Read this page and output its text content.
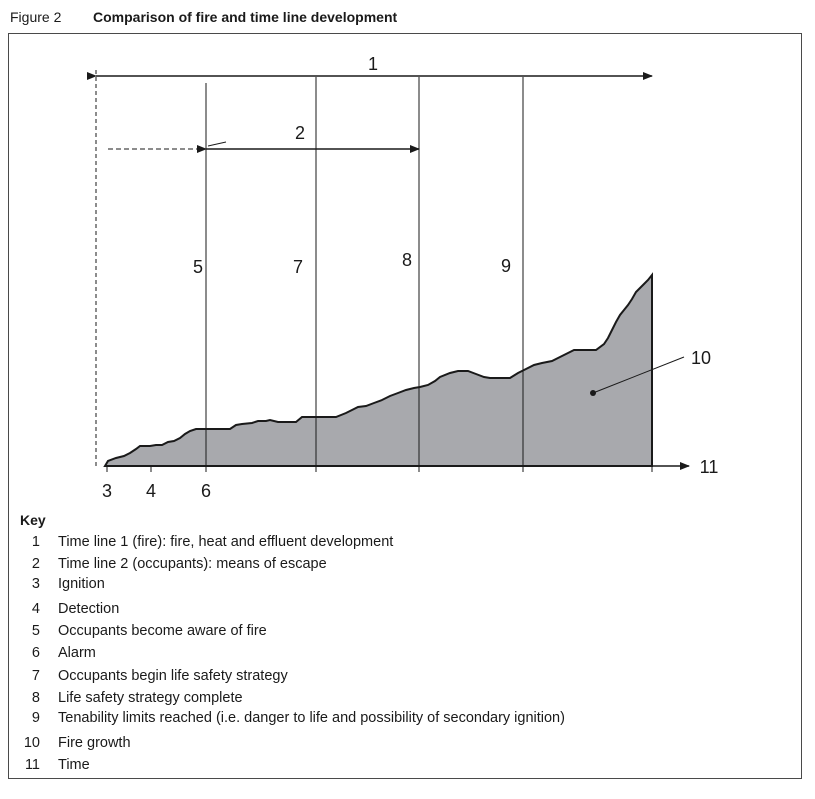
Figure 2 Comparison of fire and time line development
1
2
5	7	8	9
10
11
3 4 6
Key
1 Time line 1 (fire): fire, heat and effluent development
2 Time line 2 (occupants): means of escape
3 Ignition
4 Detection
5 Occupants become aware of fire
6 Alarm
7 Occupants begin life safety strategy
8 Life safety strategy complete
9 Tenability limits reached (i.e. danger to life and possibility of secondary ignition)
10 Fire growth
11 Time
